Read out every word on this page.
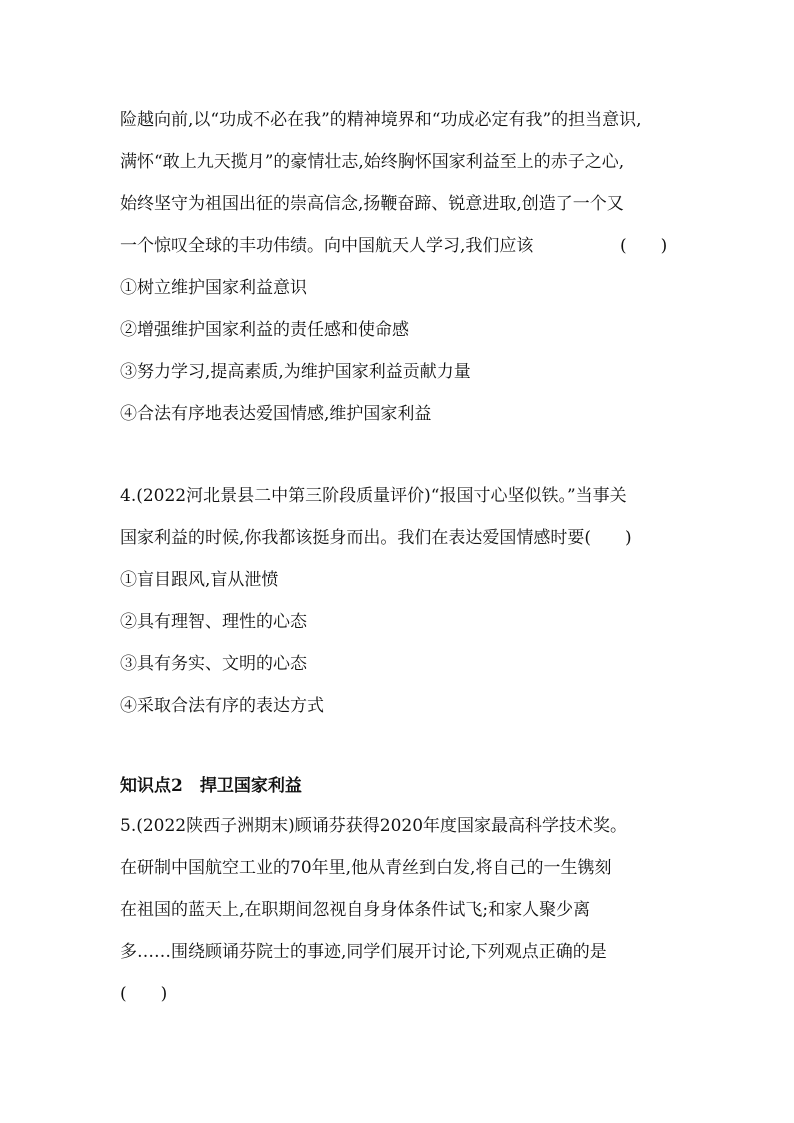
险越向前,以“功成不必在我”的精神境界和“功成必定有我”的担当意识,
满怀“敢上九天揽月”的豪情壮志,始终胸怀国家利益至上的赤子之心,
始终坚守为祖国出征的崇高信念,扬鞭奋蹄、锐意进取,创造了一个又
一个惊叹全球的丰功伟绩。向中国航天人学习,我们应该	(　　)
①树立维护国家利益意识
②增强维护国家利益的责任感和使命感
③努力学习,提高素质,为维护国家利益贡献力量
④合法有序地表达爱国情感,维护国家利益
4.(2022河北景县二中第三阶段质量评价)“报国寸心坚似铁。”当事关
国家利益的时候,你我都该挺身而出。我们在表达爱国情感时要(　　)
①盲目跟风,盲从泄愤
②具有理智、理性的心态
③具有务实、文明的心态
④采取合法有序的表达方式
知识点2　捍卫国家利益
5.(2022陕西子洲期末)顾诵芬获得2020年度国家最高科学技术奖。
在研制中国航空工业的70年里,他从青丝到白发,将自己的一生镌刻
在祖国的蓝天上,在职期间忽视自身身体条件试飞;和家人聚少离
多……围绕顾诵芬院士的事迹,同学们展开讨论,下列观点正确的是
(　　)
